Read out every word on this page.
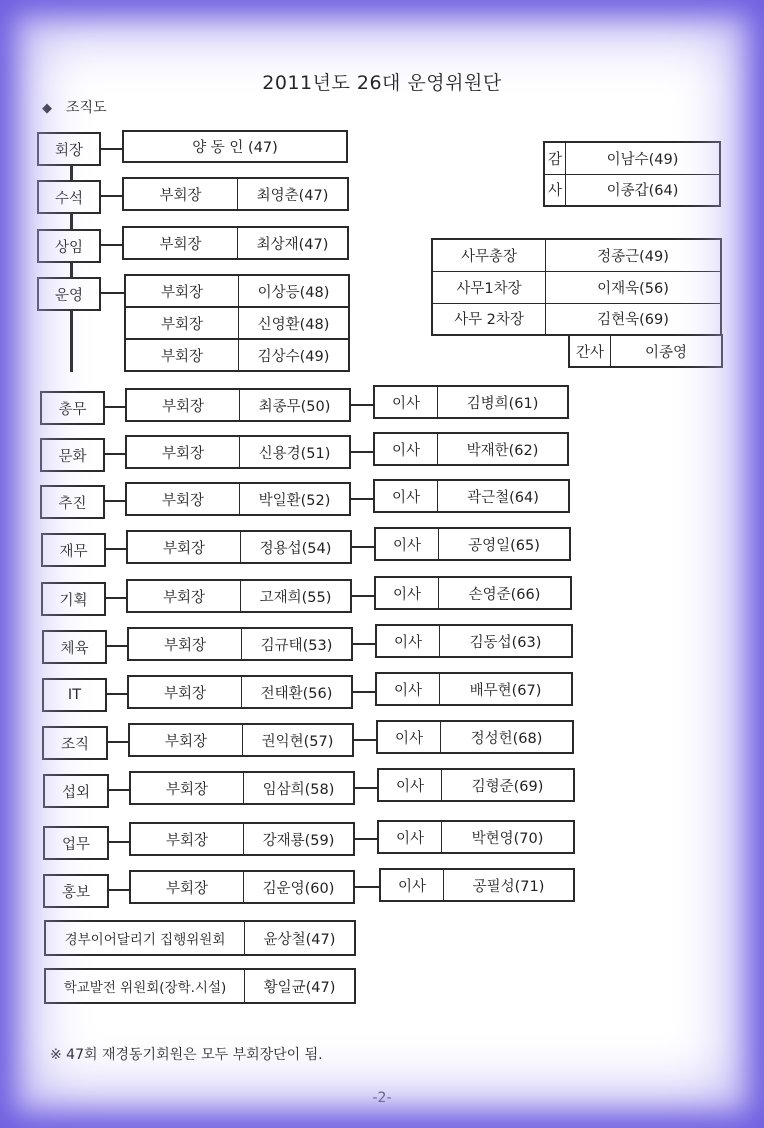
2011년도 26대 운영위원단
◆ 조직도
회장	양 동 인 (47)
수석	부회장	최영춘(47)
상임	부회장	최상재(47)
운영	부회장	이상등(48)
부회장	신영환(48)
부회장	김상수(49)
총무	부회장	최종무(50)	이사	김병희(61)
문화	부회장	신용경(51)	이사	박재한(62)
추진	부회장	박일환(52)	이사	곽근철(64)
재무	부회장	정용섭(54)	이사	공영일(65)
기획	부회장	고재희(55)	이사	손영준(66)
체육	부회장	김규태(53)	이사	김동섭(63)
IT	부회장	전태환(56)	이사	배무현(67)
조직	부회장	권익현(57)	이사	정성헌(68)
섭외	부회장	임삼희(58)	이사	김형준(69)
업무	부회장	강재룡(59)	이사	박현영(70)
홍보	부회장	김운영(60)	이사	공필성(71)
경부이어달리기 집행위원회	윤상철(47)
학교발전 위원회(장학.시설)	황일균(47)
감	이남수(49)
사	이종갑(64)
사무총장	정종근(49)
사무1차장	이재욱(56)
사무 2차장	김현욱(69)
간사	이종영
※ 47회 재경동기회원은 모두 부회장단이 됨.
-2-
